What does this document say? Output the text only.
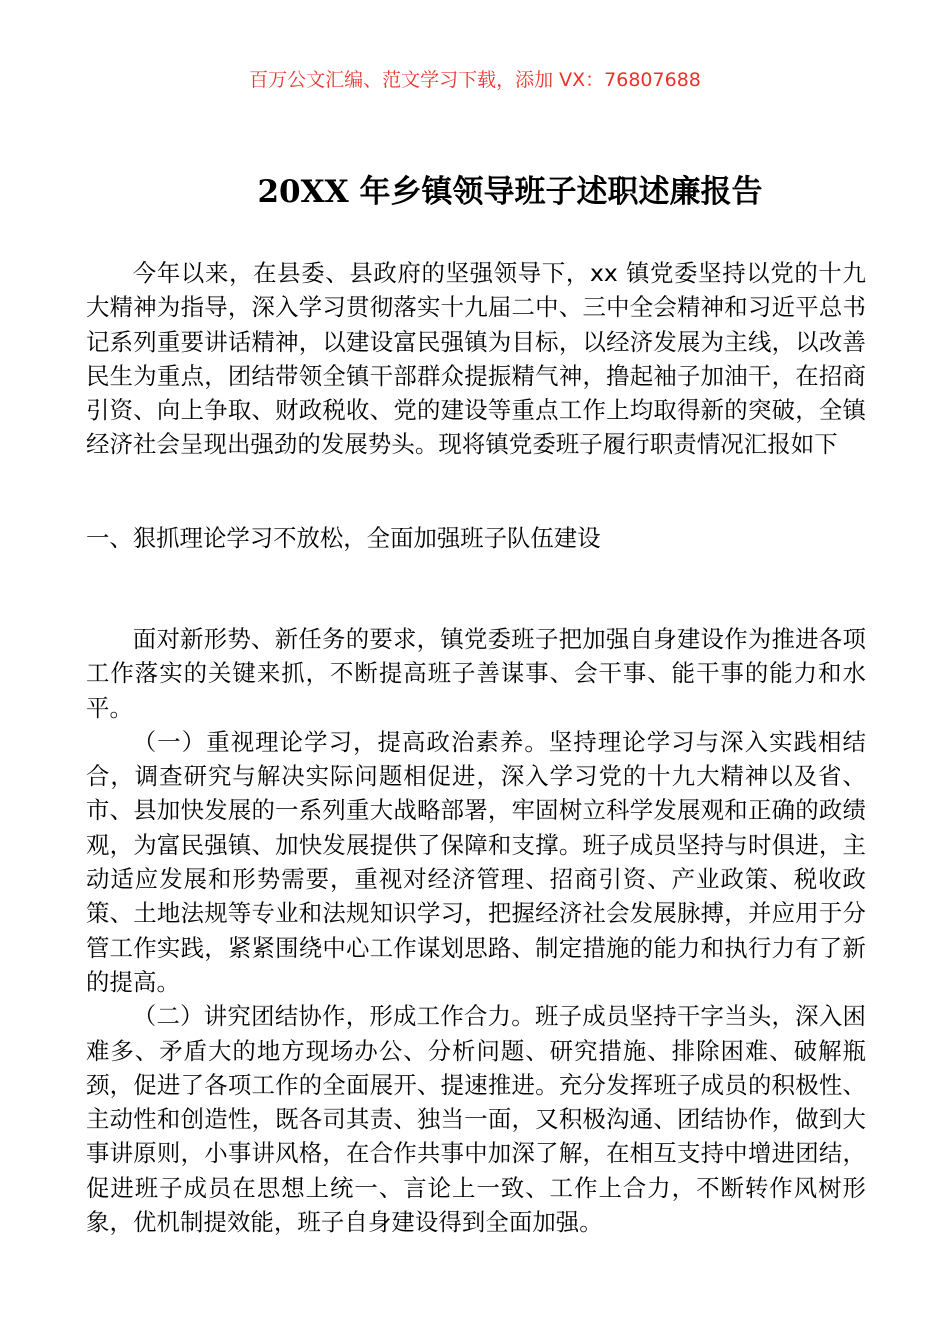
百万公文汇编、范文学习下载，添加 VX：76807688
20XX 年乡镇领导班子述职述廉报告

今年以来，在县委、县政府的坚强领导下，xx 镇党委坚持以党的十九大精神为指导，深入学习贯彻落实十九届二中、三中全会精神和习近平总书记系列重要讲话精神，以建设富民强镇为目标，以经济发展为主线，以改善民生为重点，团结带领全镇干部群众提振精气神，撸起袖子加油干，在招商引资、向上争取、财政税收、党的建设等重点工作上均取得新的突破，全镇经济社会呈现出强劲的发展势头。现将镇党委班子履行职责情况汇报如下

一、狠抓理论学习不放松，全面加强班子队伍建设

面对新形势、新任务的要求，镇党委班子把加强自身建设作为推进各项工作落实的关键来抓，不断提高班子善谋事、会干事、能干事的能力和水平。

（一）重视理论学习，提高政治素养。坚持理论学习与深入实践相结合，调查研究与解决实际问题相促进，深入学习党的十九大精神以及省、市、县加快发展的一系列重大战略部署，牢固树立科学发展观和正确的政绩观，为富民强镇、加快发展提供了保障和支撑。班子成员坚持与时俱进，主动适应发展和形势需要，重视对经济管理、招商引资、产业政策、税收政策、土地法规等专业和法规知识学习，把握经济社会发展脉搏，并应用于分管工作实践，紧紧围绕中心工作谋划思路、制定措施的能力和执行力有了新的提高。

（二）讲究团结协作，形成工作合力。班子成员坚持干字当头，深入困难多、矛盾大的地方现场办公、分析问题、研究措施、排除困难、破解瓶颈，促进了各项工作的全面展开、提速推进。充分发挥班子成员的积极性、主动性和创造性，既各司其责、独当一面，又积极沟通、团结协作，做到大事讲原则，小事讲风格，在合作共事中加深了解，在相互支持中增进团结，促进班子成员在思想上统一、言论上一致、工作上合力，不断转作风树形象，优机制提效能，班子自身建设得到全面加强。
